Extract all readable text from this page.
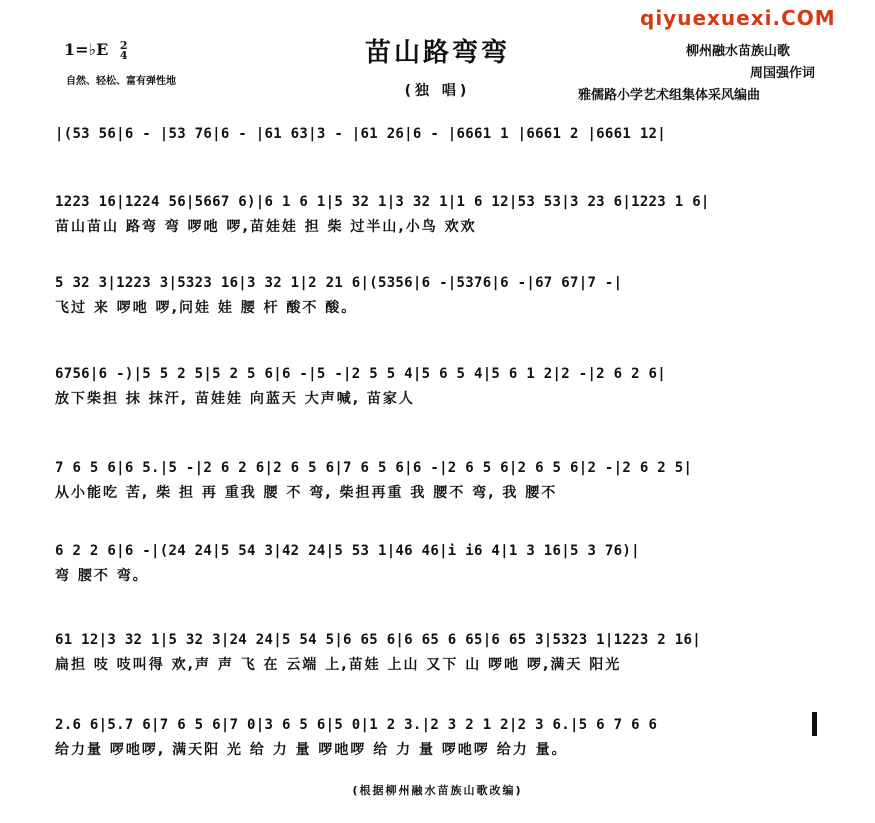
qiyuexuexi.COM
1=♭E 2
4
自然、轻松、富有弹性地
苗山路弯弯
(独 唱)
柳州融水苗族山歌
周国强作词
雅儒路小学艺术组集体采风编曲
|(53 56|6 - |53 76|6 - |61 63|3 - |61 26|6 - |6661 1 |6661 2 |6661 12|
1223 16|1224 56|5667 6)|6 1 6 1|5 32 1|3 32 1|1 6 12|53 53|3 23 6|1223 1 6|
苗山苗山 路弯 弯 啰吔 啰,苗娃娃 担 柴 过半山,小鸟 欢欢
5 32 3|1223 3|5323 16|3 32 1|2 21 6|(5356|6 -|5376|6 -|67 67|7 -|
飞过 来 啰吔 啰,问娃 娃 腰 杆 酸不 酸。
6756|6 -)|5 5 2 5|5 2 5 6|6 -|5 -|2 5 5 4|5 6 5 4|5 6 1 2|2 -|2 6 2 6|
放下柴担 抹 抹汗, 苗娃娃 向蓝天 大声喊, 苗家人
7 6 5 6|6 5.|5 -|2 6 2 6|2 6 5 6|7 6 5 6|6 -|2 6 5 6|2 6 5 6|2 -|2 6 2 5|
从小能吃 苦, 柴 担 再 重我 腰 不 弯, 柴担再重 我 腰不 弯, 我 腰不
6 2 2 6|6 -|(24 24|5 54 3|42 24|5 53 1|46 46|i i6 4|1 3 16|5 3 76)|
弯 腰不 弯。
61 12|3 32 1|5 32 3|24 24|5 54 5|6 65 6|6 65 6 65|6 65 3|5323 1|1223 2 16|
扁担 吱 吱叫得 欢,声 声 飞 在 云端 上,苗娃 上山 又下 山 啰吔 啰,满天 阳光
2.6 6|5.7 6|7 6 5 6|7 0|3 6 5 6|5 0|1 2 3.|2 3 2 1 2|2 3 6.|5 6 7 6 6
给力量 啰吔啰, 满天阳 光 给 力 量 啰吔啰 给 力 量 啰吔啰 给力 量。
(根据柳州融水苗族山歌改编)
